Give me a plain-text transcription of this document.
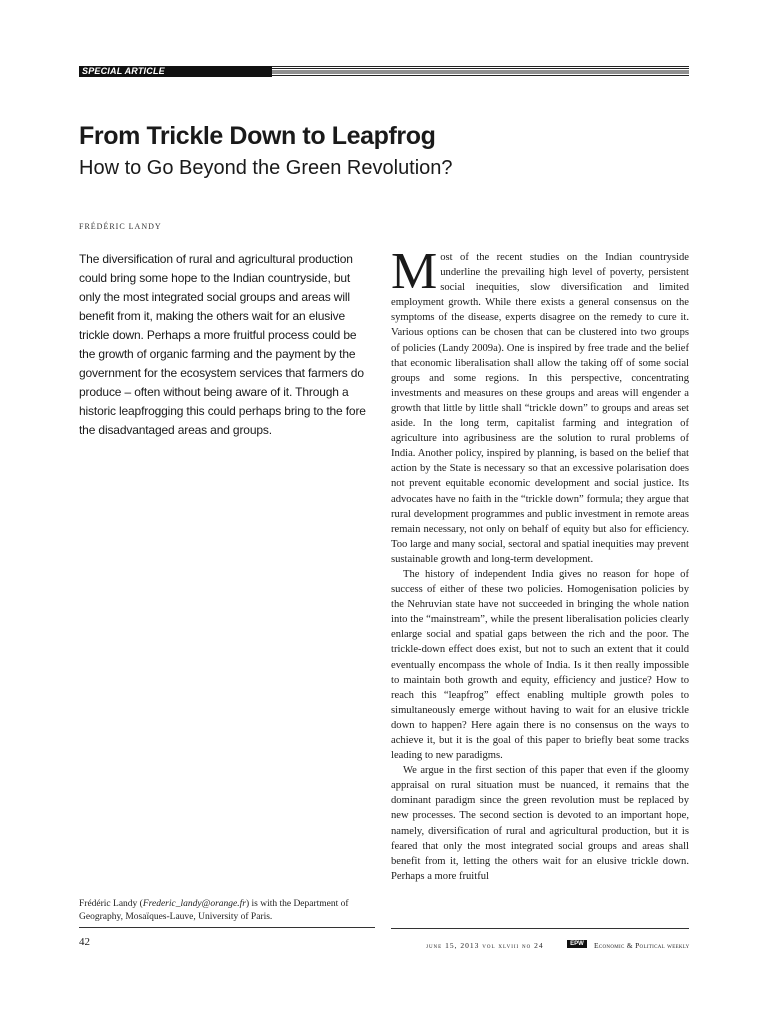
SPECIAL ARTICLE
From Trickle Down to Leapfrog
How to Go Beyond the Green Revolution?
FRÉDÉRIC LANDY
The diversification of rural and agricultural production could bring some hope to the Indian countryside, but only the most integrated social groups and areas will benefit from it, making the others wait for an elusive trickle down. Perhaps a more fruitful process could be the growth of organic farming and the payment by the government for the ecosystem services that farmers do produce – often without being aware of it. Through a historic leapfrogging this could perhaps bring to the fore the disadvantaged areas and groups.
Frédéric Landy (Frederic_landy@orange.fr) is with the Department of Geography, Mosaïques-Lauve, University of Paris.

Most of the recent studies on the Indian countryside underline the prevailing high level of poverty, persistent social inequities, slow diversification and limited employment growth. While there exists a general consensus on the symptoms of the disease, experts disagree on the remedy to cure it. Various options can be chosen that can be clustered into two groups of policies (Landy 2009a). One is inspired by free trade and the belief that economic liberalisation shall allow the taking off of some social groups and some regions. In this perspective, concentrating investments and measures on these groups and areas will engender a growth that little by little shall “trickle down” to groups and areas set aside. In the long term, capitalist farming and integration of agriculture into agribusiness are the solution to rural problems of India. Another policy, inspired by planning, is based on the belief that action by the State is necessary so that an excessive polarisation does not prevent equitable economic development and social justice. Its advocates have no faith in the “trickle down” formula; they argue that rural development programmes and public investment in remote areas remain necessary, not only on behalf of equity but also for efficiency. Too large and many social, sectoral and spatial inequities may prevent sustainable growth and long-term development.

The history of independent India gives no reason for hope of success of either of these two policies. Homogenisation policies by the Nehruvian state have not succeeded in bringing the whole nation into the “mainstream”, while the present liberalisation policies clearly enlarge social and spatial gaps between the rich and the poor. The trickle-down effect does exist, but not to such an extent that it could eventually encompass the whole of India. Is it then really impossible to maintain both growth and equity, efficiency and justice? How to reach this “leapfrog” effect enabling multiple growth poles to simultaneously emerge without having to wait for an elusive trickle down to happen? Here again there is no consensus on the ways to achieve it, but it is the goal of this paper to briefly beat some tracks leading to new paradigms.

We argue in the first section of this paper that even if the gloomy appraisal on rural situation must be nuanced, it remains that the dominant paradigm since the green revolution must be replaced by new processes. The second section is devoted to an important hope, namely, diversification of rural and agricultural production, but it is feared that only the most integrated social groups and areas shall benefit from it, letting the others wait for an elusive trickle down. Perhaps a more fruitful

42	june 15, 2013 vol xlviii no 24	EPW	Economic & Political weekly
